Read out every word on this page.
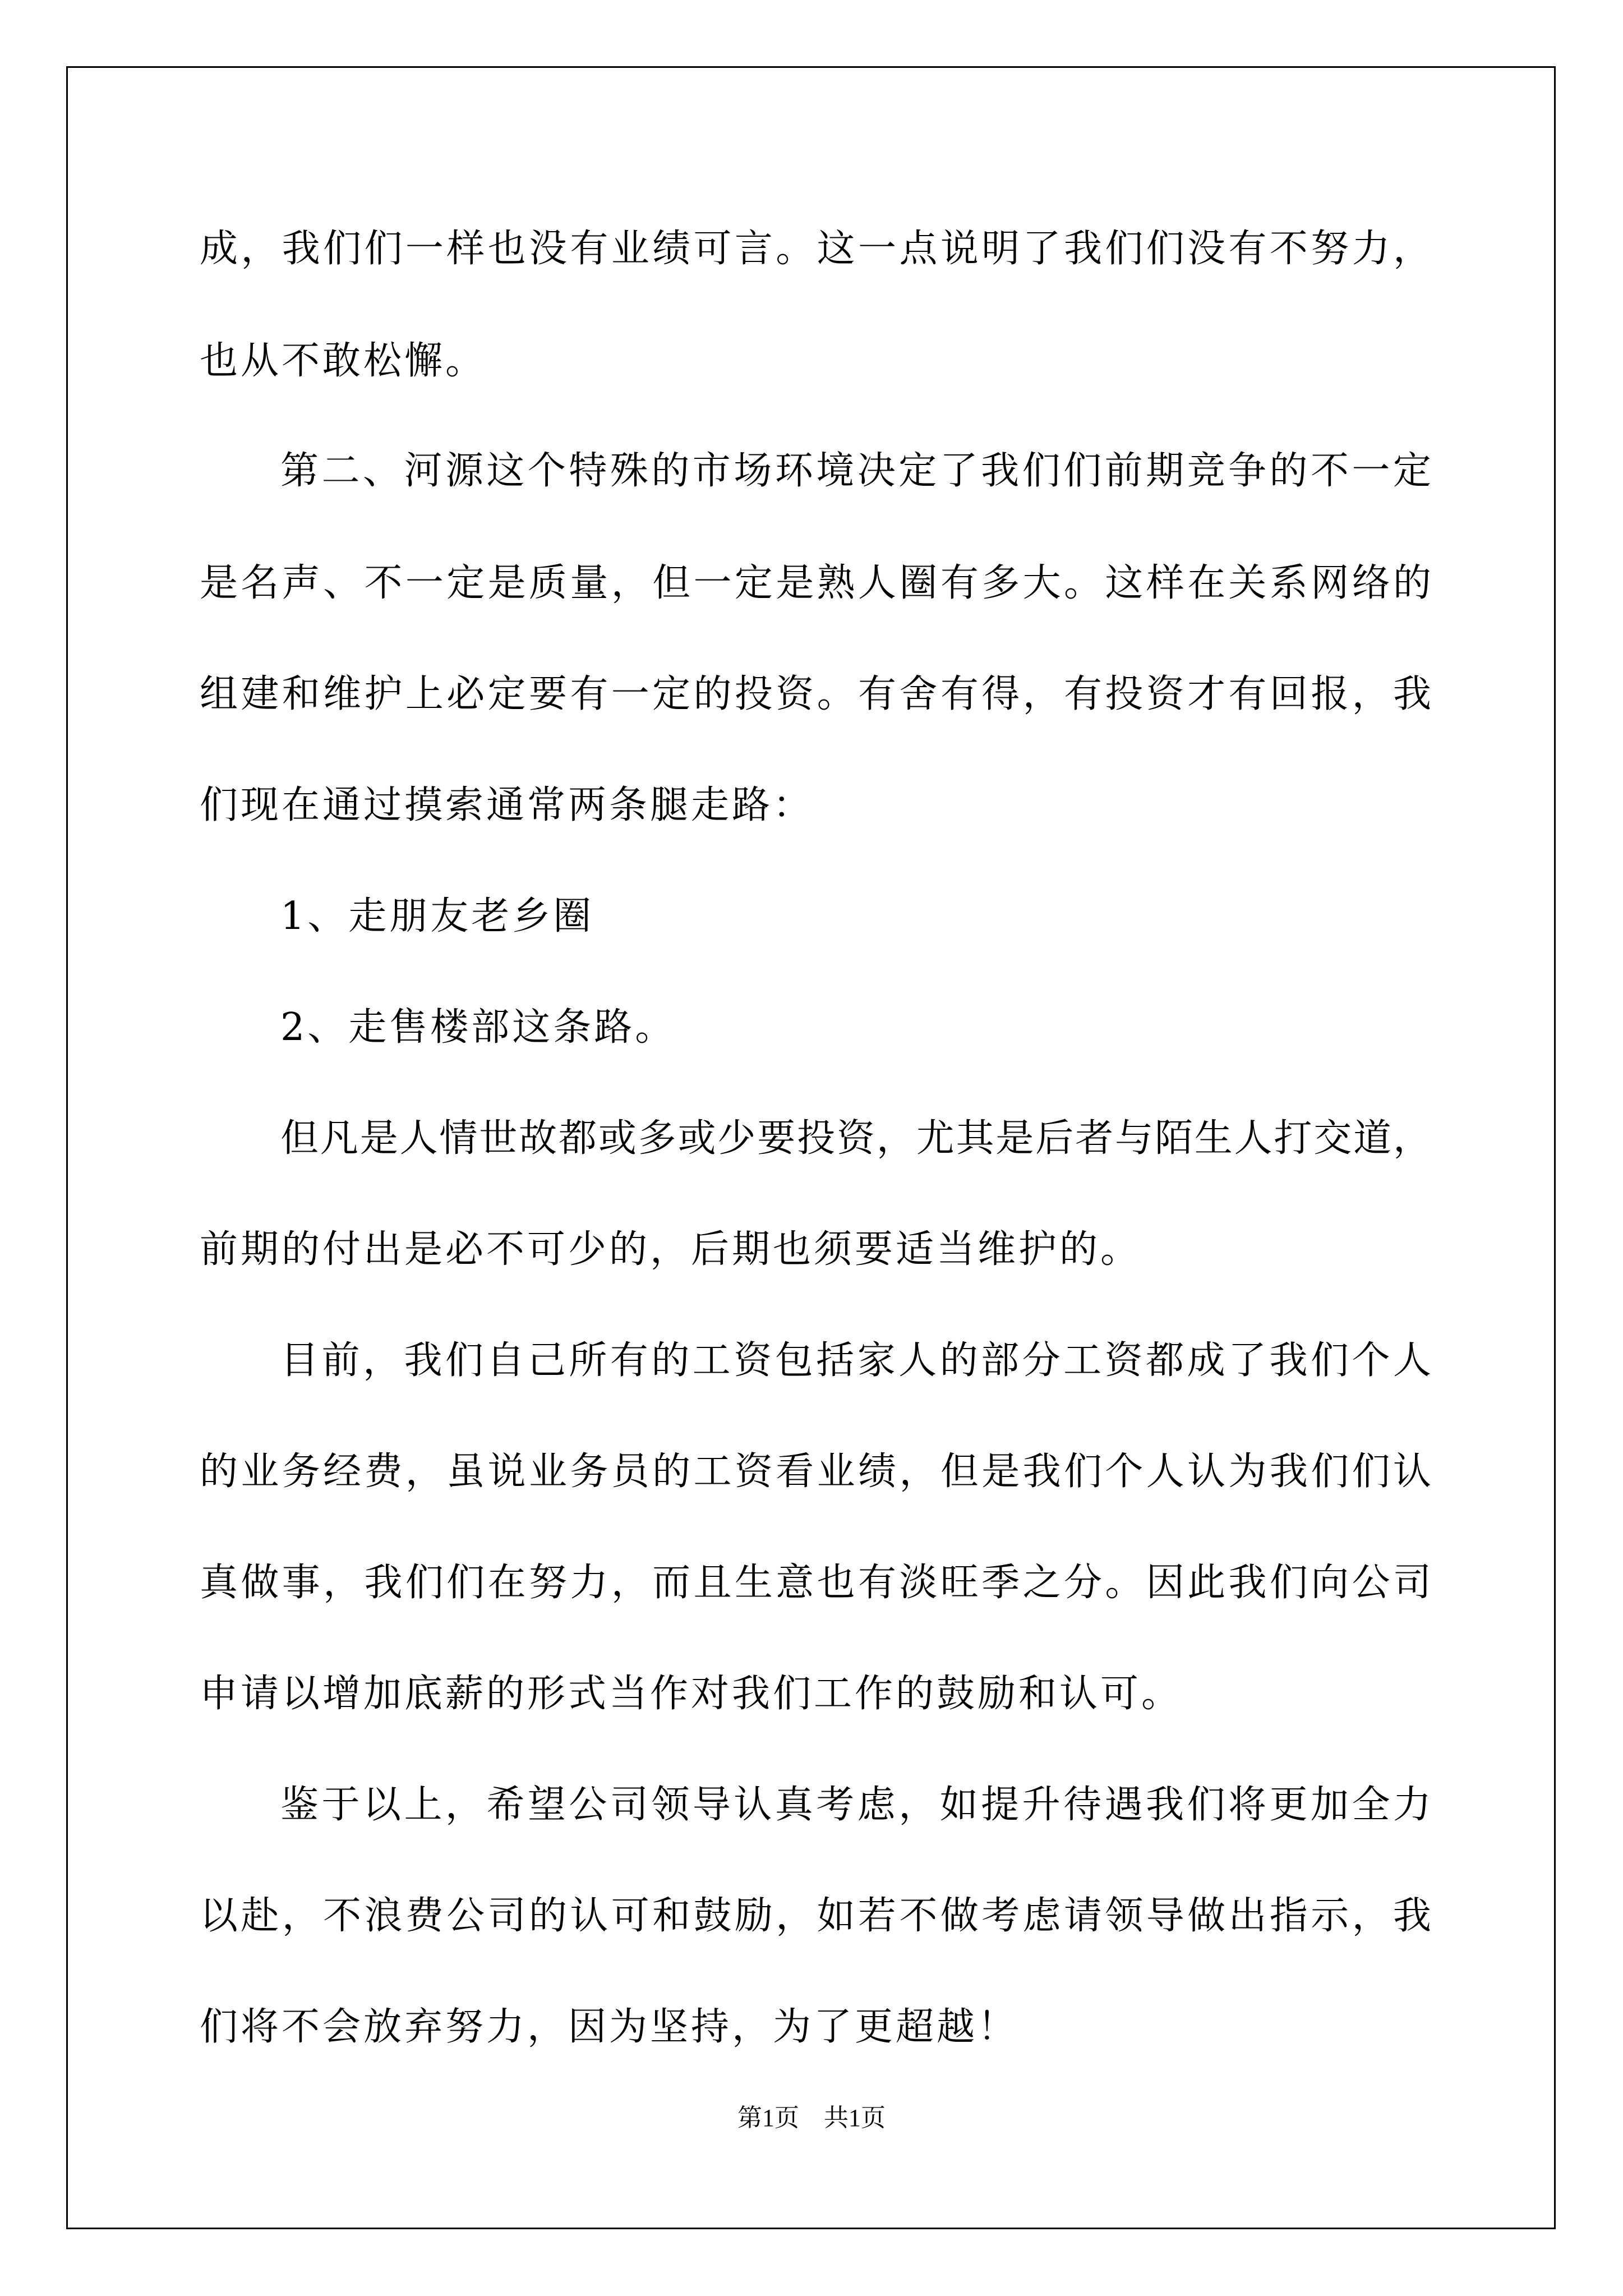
成，我们们一样也没有业绩可言。这一点说明了我们们没有不努力，
也从不敢松懈。
第二、河源这个特殊的市场环境决定了我们们前期竞争的不一定
是名声、不一定是质量，但一定是熟人圈有多大。这样在关系网络的
组建和维护上必定要有一定的投资。有舍有得，有投资才有回报，我
们现在通过摸索通常两条腿走路：
1、走朋友老乡圈
2、走售楼部这条路。
但凡是人情世故都或多或少要投资，尤其是后者与陌生人打交道，
前期的付出是必不可少的，后期也须要适当维护的。
目前，我们自己所有的工资包括家人的部分工资都成了我们个人
的业务经费，虽说业务员的工资看业绩，但是我们个人认为我们们认
真做事，我们们在努力，而且生意也有淡旺季之分。因此我们向公司
申请以增加底薪的形式当作对我们工作的鼓励和认可。
鉴于以上，希望公司领导认真考虑，如提升待遇我们将更加全力
以赴，不浪费公司的认可和鼓励，如若不做考虑请领导做出指示，我
们将不会放弃努力，因为坚持，为了更超越！
第1页　共1页
